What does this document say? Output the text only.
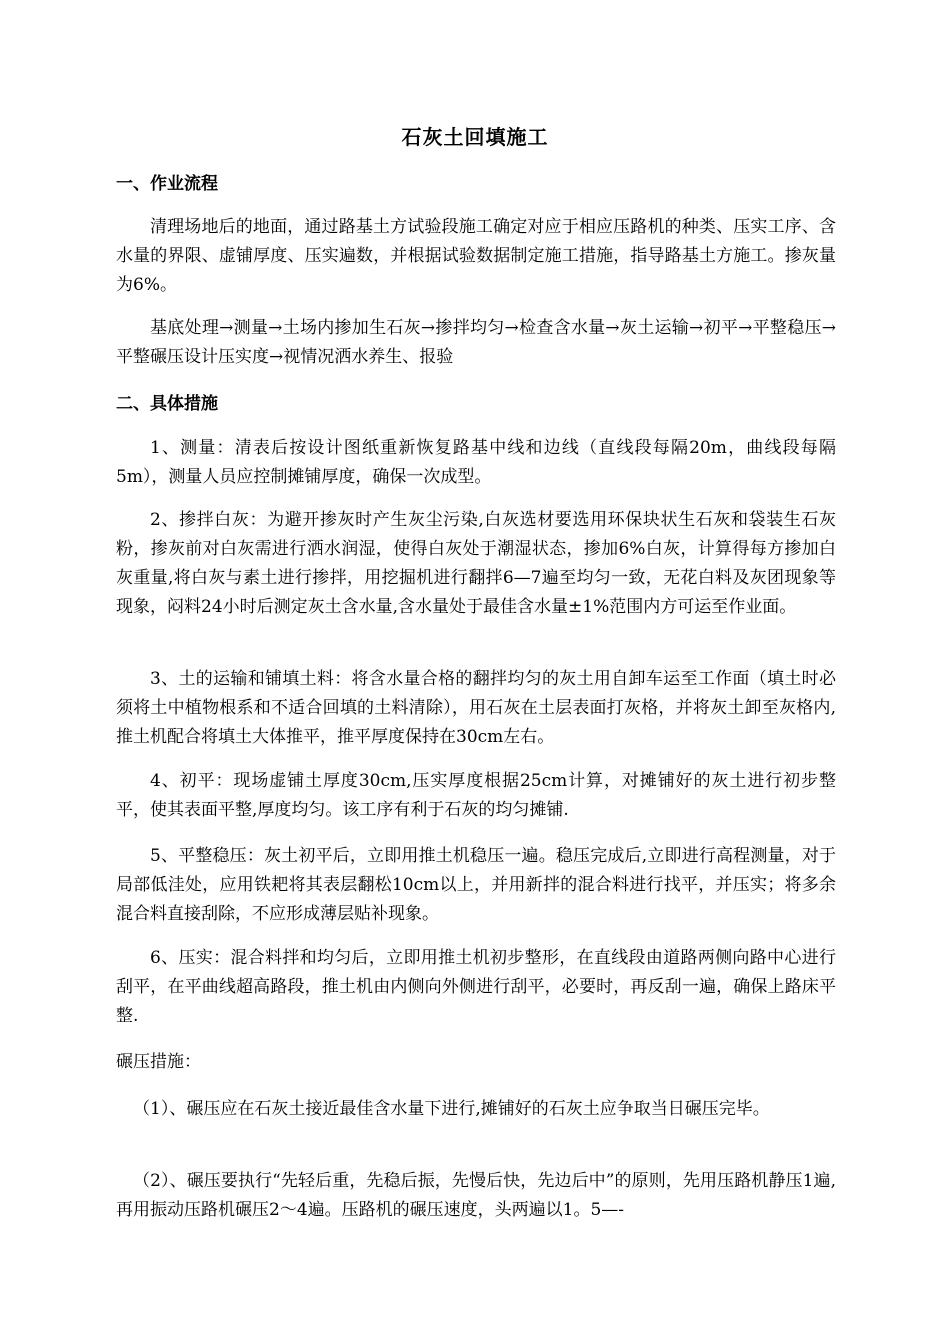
石灰土回填施工
一、作业流程
清理场地后的地面，通过路基土方试验段施工确定对应于相应压路机的种类、压实工序、含水量的界限、虚铺厚度、压实遍数，并根据试验数据制定施工措施，指导路基土方施工。掺灰量为6%。
基底处理→测量→土场内掺加生石灰→掺拌均匀→检查含水量→灰土运输→初平→平整稳压→平整碾压设计压实度→视情况洒水养生、报验
二、具体措施
1、测量：清表后按设计图纸重新恢复路基中线和边线（直线段每隔20m，曲线段每隔5m），测量人员应控制摊铺厚度，确保一次成型。
2、掺拌白灰：为避开掺灰时产生灰尘污染,白灰选材要选用环保块状生石灰和袋装生石灰粉，掺灰前对白灰需进行洒水润湿，使得白灰处于潮湿状态，掺加6%白灰，计算得每方掺加白灰重量,将白灰与素土进行掺拌，用挖掘机进行翻拌6—7遍至均匀一致，无花白料及灰团现象等现象，闷料24小时后测定灰土含水量,含水量处于最佳含水量±1%范围内方可运至作业面。
3、土的运输和铺填土料：将含水量合格的翻拌均匀的灰土用自卸车运至工作面（填土时必须将土中植物根系和不适合回填的土料清除），用石灰在土层表面打灰格，并将灰土卸至灰格内,推土机配合将填土大体推平，推平厚度保持在30cm左右。
4、初平：现场虚铺土厚度30cm,压实厚度根据25cm计算，对摊铺好的灰土进行初步整平，使其表面平整,厚度均匀。该工序有利于石灰的均匀摊铺.
5、平整稳压：灰土初平后，立即用推土机稳压一遍。稳压完成后,立即进行高程测量，对于局部低洼处，应用铁耙将其表层翻松10cm以上，并用新拌的混合料进行找平，并压实；将多余混合料直接刮除，不应形成薄层贴补现象。
6、压实：混合料拌和均匀后，立即用推土机初步整形，在直线段由道路两侧向路中心进行刮平，在平曲线超高路段，推土机由内侧向外侧进行刮平，必要时，再反刮一遍，确保上路床平整.
碾压措施：
（1）、碾压应在石灰土接近最佳含水量下进行,摊铺好的石灰土应争取当日碾压完毕。
（2）、碾压要执行“先轻后重，先稳后振，先慢后快，先边后中”的原则，先用压路机静压1遍,再用振动压路机碾压2～4遍。压路机的碾压速度，头两遍以1。5—-
